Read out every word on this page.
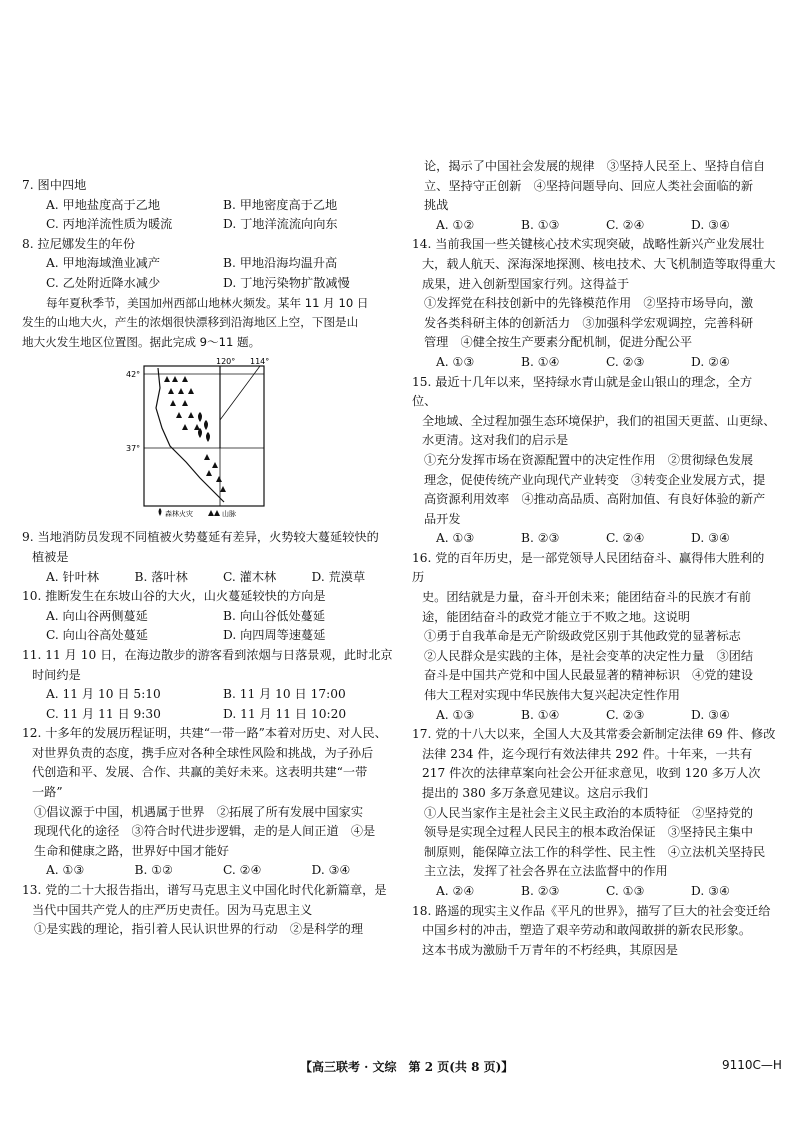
7. 图中四地

A. 甲地盐度高于乙地	B. 甲地密度高于乙地
C. 丙地洋流性质为暖流	D. 丁地洋流流向向东

8. 拉尼娜发生的年份

A. 甲地海域渔业减产	B. 甲地沿海均温升高
C. 乙处附近降水减少	D. 丁地污染物扩散减慢

每年夏秋季节，美国加州西部山地林火频发。某年 11 月 10 日

发生的山地大火，产生的浓烟很快漂移到沿海地区上空，下图是山

地大火发生地区位置图。据此完成 9～11 题。

9. 当地消防员发现不同植被火势蔓延有差异，火势较大蔓延较快的

植被是

A. 针叶林	B. 落叶林	C. 灌木林	D. 荒漠草

10. 推断发生在东坡山谷的大火，山火蔓延较快的方向是

A. 向山谷两侧蔓延	B. 向山谷低处蔓延
C. 向山谷高处蔓延	D. 向四周等速蔓延

11. 11 月 10 日，在海边散步的游客看到浓烟与日落景观，此时北京

时间约是

A. 11 月 10 日 5:10	B. 11 月 10 日 17:00
C. 11 月 11 日 9:30	D. 11 月 11 日 10:20

12. 十多年的发展历程证明，共建“一带一路”本着对历史、对人民、

对世界负责的态度，携手应对各种全球性风险和挑战，为子孙后

代创造和平、发展、合作、共赢的美好未来。这表明共建“一带

一路”

①倡议源于中国，机遇属于世界　②拓展了所有发展中国家实

现现代化的途径　③符合时代进步逻辑，走的是人间正道　④是

生命和健康之路，世界好中国才能好

A. ①③	B. ①②	C. ②④	D. ③④

13. 党的二十大报告指出，谱写马克思主义中国化时代化新篇章，是

当代中国共产党人的庄严历史责任。因为马克思主义

①是实践的理论，指引着人民认识世界的行动　②是科学的理

120° 114°
42°
37°
森林火灾	山脉

论，揭示了中国社会发展的规律　③坚持人民至上、坚持自信自

立、坚持守正创新　④坚持问题导向、回应人类社会面临的新

挑战

A. ①②	B. ①③	C. ②④	D. ③④

14. 当前我国一些关键核心技术实现突破，战略性新兴产业发展壮

大，载人航天、深海深地探测、核电技术、大飞机制造等取得重大

成果，进入创新型国家行列。这得益于

①发挥党在科技创新中的先锋模范作用　②坚持市场导向，激

发各类科研主体的创新活力　③加强科学宏观调控，完善科研

管理　④健全按生产要素分配机制，促进分配公平

A. ①③	B. ①④	C. ②③	D. ②④

15. 最近十几年以来，坚持绿水青山就是金山银山的理念，全方位、

全地域、全过程加强生态环境保护，我们的祖国天更蓝、山更绿、

水更清。这对我们的启示是

①充分发挥市场在资源配置中的决定性作用　②贯彻绿色发展

理念，促使传统产业向现代产业转变　③转变企业发展方式，提

高资源利用效率　④推动高品质、高附加值、有良好体验的新产

品开发

A. ①③	B. ②③	C. ②④	D. ③④

16. 党的百年历史，是一部党领导人民团结奋斗、赢得伟大胜利的历

史。团结就是力量，奋斗开创未来；能团结奋斗的民族才有前

途，能团结奋斗的政党才能立于不败之地。这说明

①勇于自我革命是无产阶级政党区别于其他政党的显著标志

②人民群众是实践的主体，是社会变革的决定性力量　③团结

奋斗是中国共产党和中国人民最显著的精神标识　④党的建设

伟大工程对实现中华民族伟大复兴起决定性作用

A. ①③	B. ①④	C. ②③	D. ③④

17. 党的十八大以来，全国人大及其常委会新制定法律 69 件、修改

法律 234 件，迄今现行有效法律共 292 件。十年来，一共有

217 件次的法律草案向社会公开征求意见，收到 120 多万人次

提出的 380 多万条意见建议。这启示我们

①人民当家作主是社会主义民主政治的本质特征　②坚持党的

领导是实现全过程人民民主的根本政治保证　③坚持民主集中

制原则，能保障立法工作的科学性、民主性　④立法机关坚持民

主立法，发挥了社会各界在立法监督中的作用

A. ②④	B. ②③	C. ①③	D. ③④

18. 路遥的现实主义作品《平凡的世界》，描写了巨大的社会变迁给

中国乡村的冲击，塑造了艰辛劳动和敢闯敢拼的新农民形象。

这本书成为激励千万青年的不朽经典，其原因是

【高三联考 · 文综　第 2 页(共 8 页)】	9110C—H
